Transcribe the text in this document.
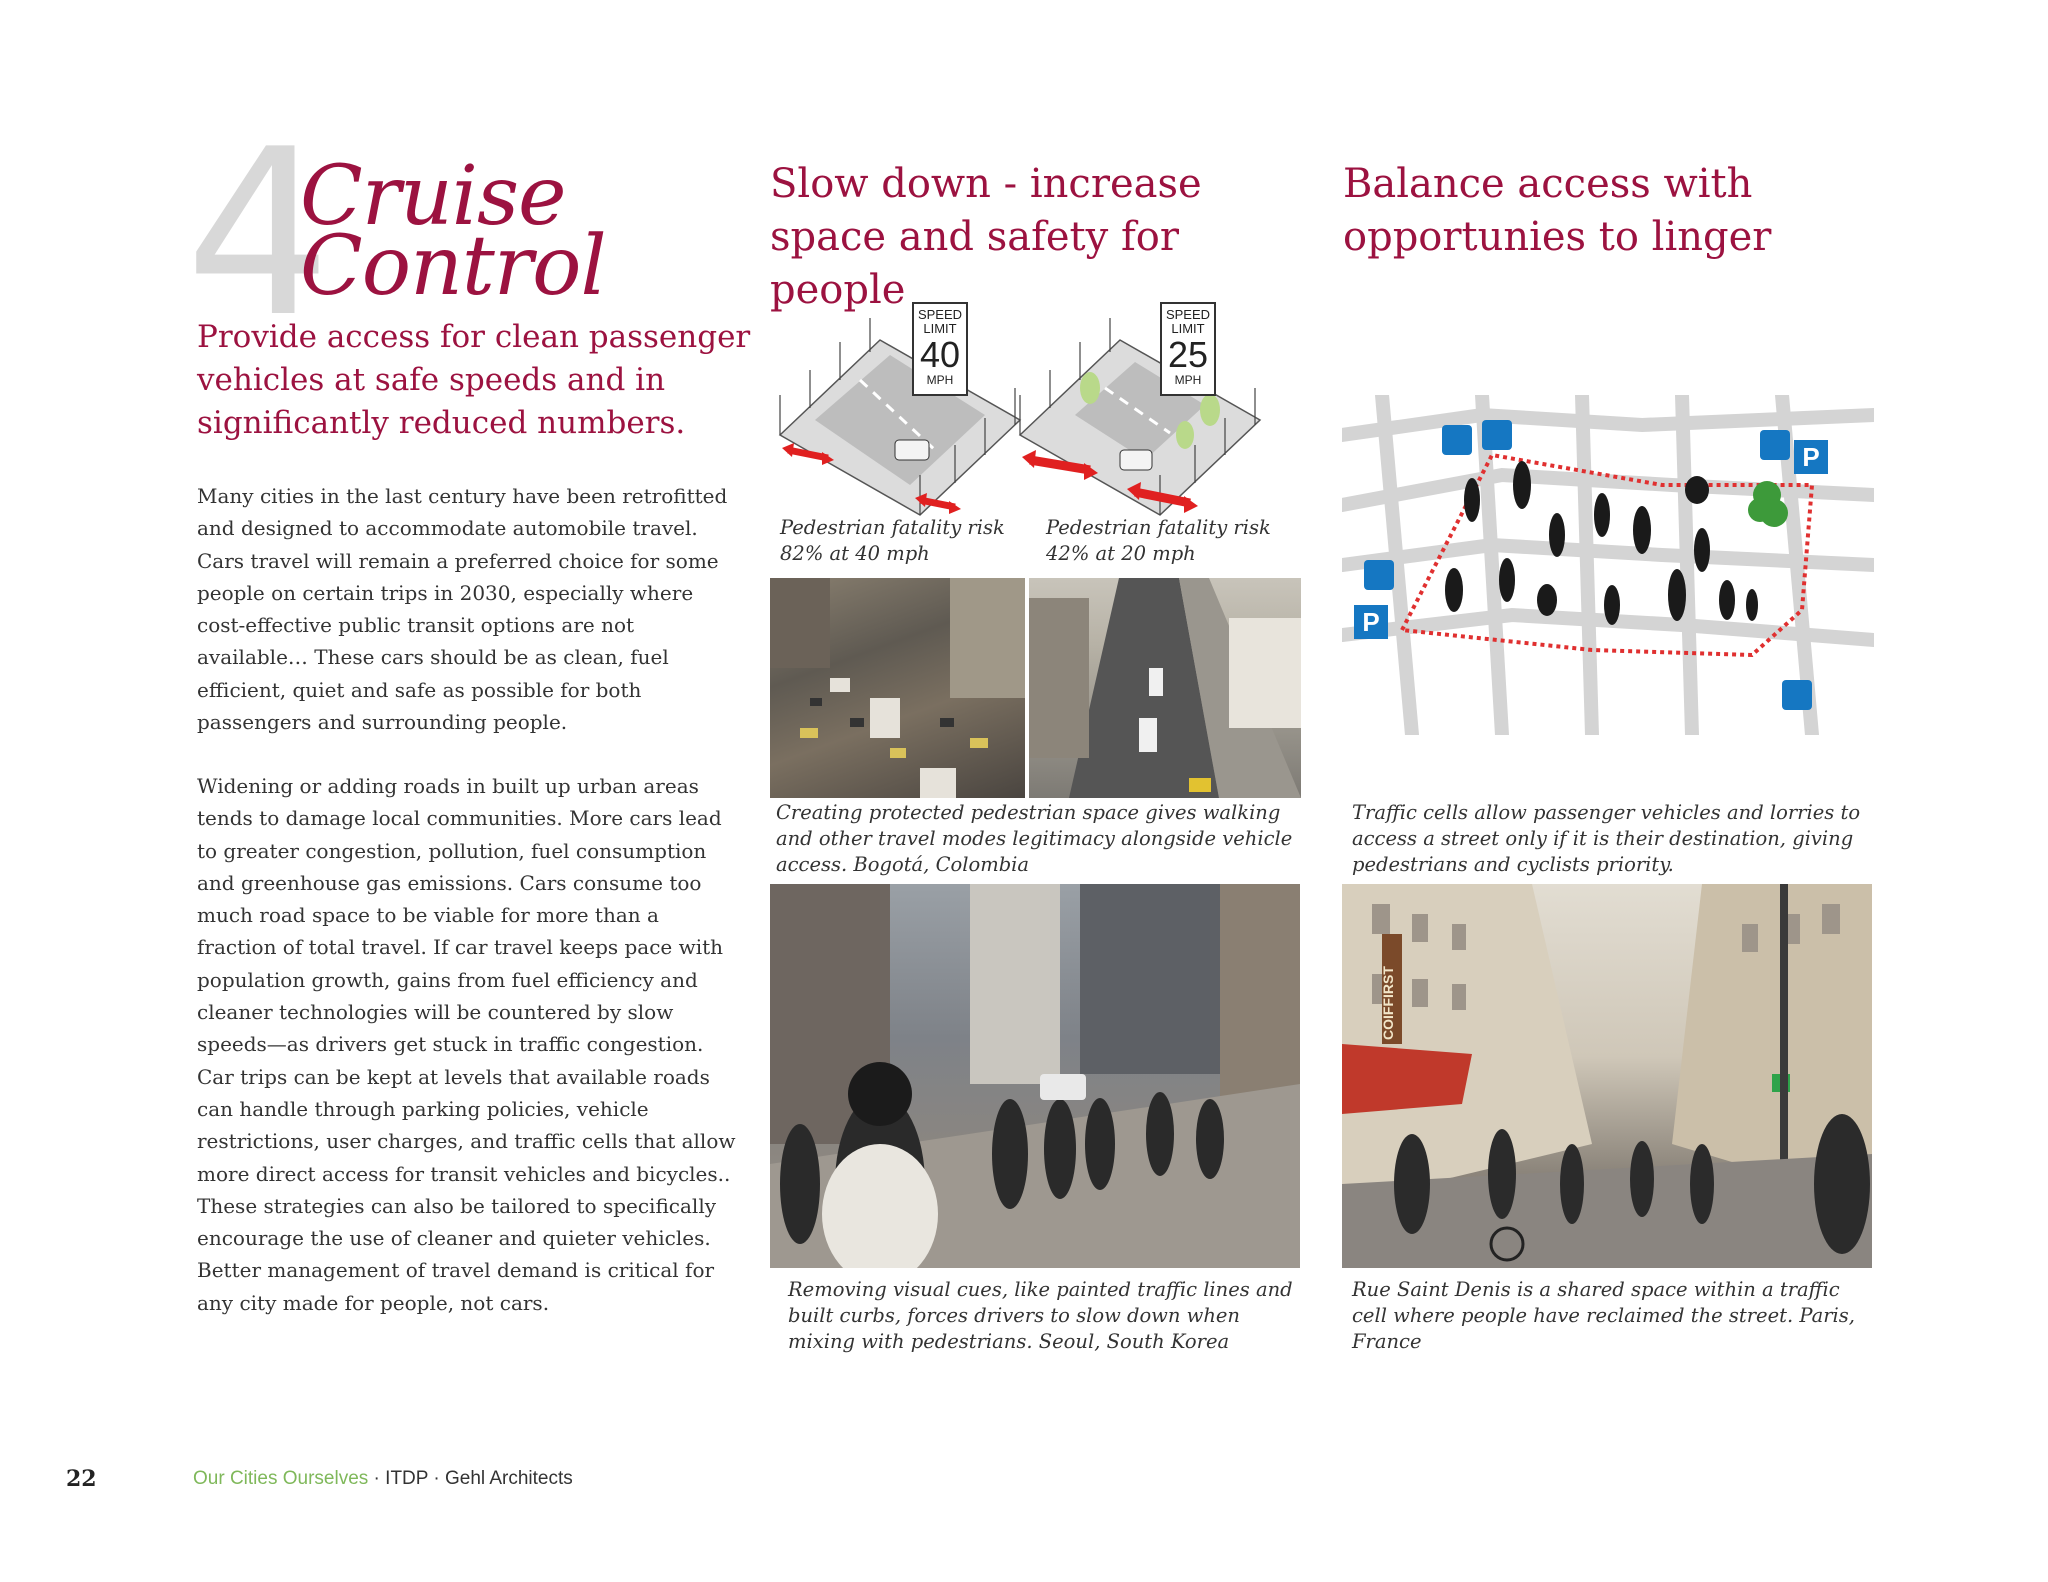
4
Cruise
Control
Provide access for clean passenger vehicles at safe speeds and in significantly reduced numbers.
Many cities in the last century have been retrofitted and designed to accommodate automobile travel. Cars travel will remain a preferred choice for some people on certain trips in 2030, especially where cost-effective public transit options are not available… These cars should be as clean, fuel efficient, quiet and safe as possible for both passengers and surrounding people.
Widening or adding roads in built up urban areas tends to damage local communities. More cars lead to greater congestion, pollution, fuel consumption and greenhouse gas emissions. Cars consume too much road space to be viable for more than a fraction of total travel. If car travel keeps pace with population growth, gains from fuel efficiency and cleaner technologies will be countered by slow speeds—as drivers get stuck in traffic congestion. Car trips can be kept at levels that available roads can handle through parking policies, vehicle restrictions, user charges, and traffic cells that allow more direct access for transit vehicles and bicycles.. These strategies can also be tailored to specifically encourage the use of cleaner and quieter vehicles. Better management of travel demand is critical for any city made for people, not cars.
Slow down - increase space and safety for people
SPEED
LIMIT
40
MPH
SPEED
LIMIT
25
MPH
Pedestrian fatality risk 82% at 40 mph
Pedestrian fatality risk 42% at 20 mph
Creating protected pedestrian space gives walking and other travel modes legitimacy alongside vehicle access. Bogotá, Colombia
Removing visual cues, like painted traffic lines and built curbs, forces drivers to slow down when mixing with pedestrians. Seoul, South Korea
Balance access with opportunies to linger
P
P
Traffic cells allow passenger vehicles and lorries to access a street only if it is their destination, giving pedestrians and cyclists priority.
COIFFIRST
Rue Saint Denis is a shared space within a traffic cell where people have reclaimed the street. Paris, France
22	Our Cities Ourselves · ITDP · Gehl Architects
